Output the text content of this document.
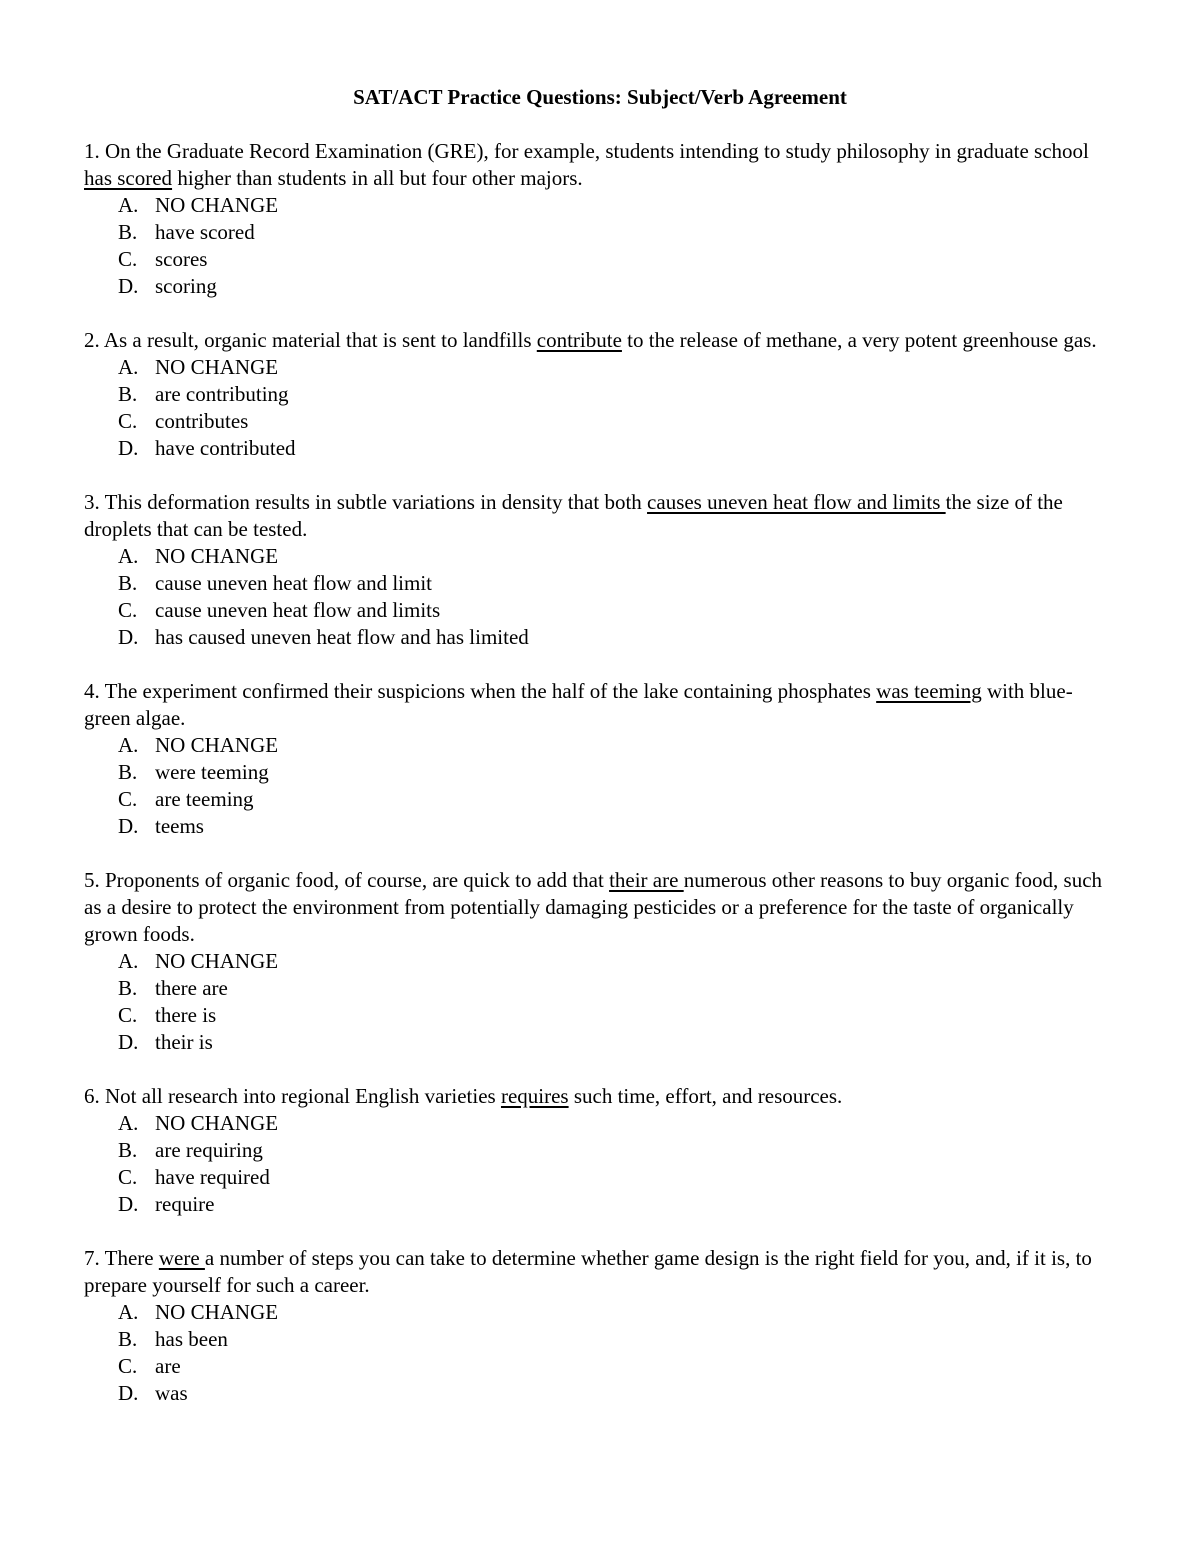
SAT/ACT Practice Questions: Subject/Verb Agreement

1. On the Graduate Record Examination (GRE), for example, students intending to study philosophy in graduate school has scored higher than students in all but four other majors.

A. NO CHANGE
B. have scored
C. scores
D. scoring

2. As a result, organic material that is sent to landfills contribute to the release of methane, a very potent greenhouse gas.

A. NO CHANGE
B. are contributing
C. contributes
D. have contributed

3. This deformation results in subtle variations in density that both causes uneven heat flow and limits the size of the droplets that can be tested.

A. NO CHANGE
B. cause uneven heat flow and limit
C. cause uneven heat flow and limits
D. has caused uneven heat flow and has limited

4. The experiment confirmed their suspicions when the half of the lake containing phosphates was teeming with blue-green algae.

A. NO CHANGE
B. were teeming
C. are teeming
D. teems

5. Proponents of organic food, of course, are quick to add that their are numerous other reasons to buy organic food, such as a desire to protect the environment from potentially damaging pesticides or a preference for the taste of organically grown foods.

A. NO CHANGE
B. there are
C. there is
D. their is

6. Not all research into regional English varieties requires such time, effort, and resources.

A. NO CHANGE
B. are requiring
C. have required
D. require

7. There were a number of steps you can take to determine whether game design is the right field for you, and, if it is, to prepare yourself for such a career.

A. NO CHANGE
B. has been
C. are
D. was
